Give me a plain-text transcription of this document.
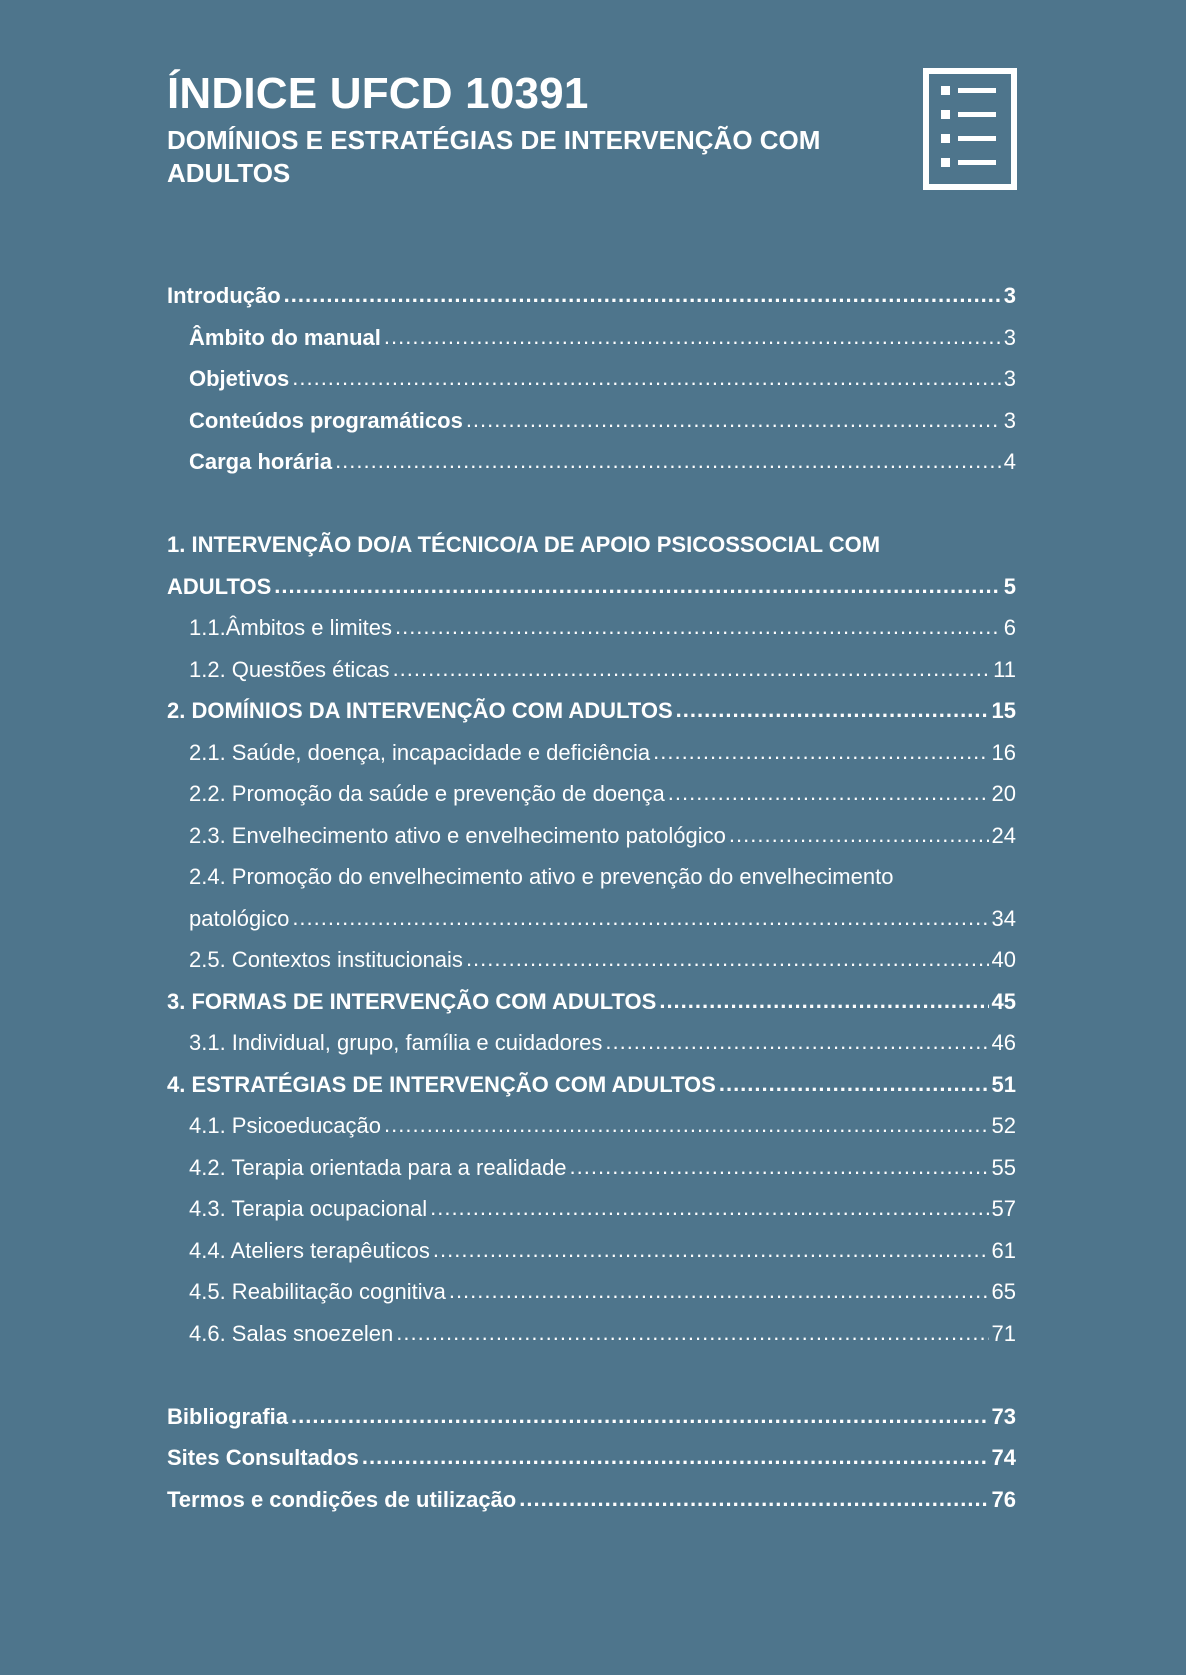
ÍNDICE UFCD 10391
DOMÍNIOS E ESTRATÉGIAS DE INTERVENÇÃO COM ADULTOS
Introdução .....	3
Âmbito do manual .....	3
Objetivos .....	3
Conteúdos programáticos .....	3
Carga horária .....	4
1. INTERVENÇÃO DO/A TÉCNICO/A DE APOIO PSICOSSOCIAL COM
ADULTOS .....	5
1.1.Âmbitos e limites .....	6
1.2. Questões éticas .....	11
2. DOMÍNIOS DA INTERVENÇÃO COM ADULTOS .....	15
2.1. Saúde, doença, incapacidade e deficiência .....	16
2.2. Promoção da saúde e prevenção de doença .....	20
2.3. Envelhecimento ativo e envelhecimento patológico .....	24
2.4. Promoção do envelhecimento ativo e prevenção do envelhecimento
patológico .....	34
2.5. Contextos institucionais .....	40
3. FORMAS DE INTERVENÇÃO COM ADULTOS .....	45
3.1. Individual, grupo, família e cuidadores .....	46
4. ESTRATÉGIAS DE INTERVENÇÃO COM ADULTOS .....	51
4.1. Psicoeducação .....	52
4.2. Terapia orientada para a realidade .....	55
4.3. Terapia ocupacional .....	57
4.4. Ateliers terapêuticos .....	61
4.5. Reabilitação cognitiva .....	65
4.6. Salas snoezelen .....	71
Bibliografia .....	73
Sites Consultados .....	74
Termos e condições de utilização .....	76
